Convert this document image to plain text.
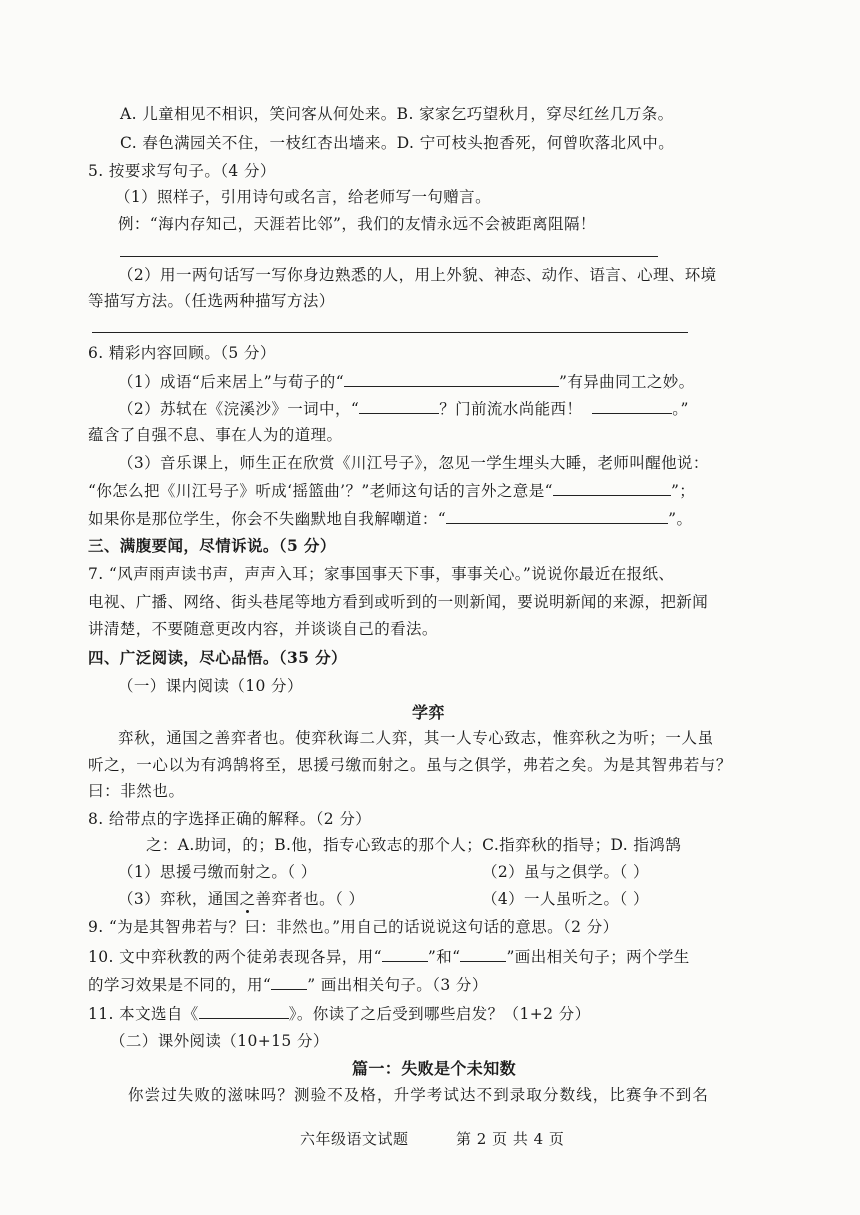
A. 儿童相见不相识，笑问客从何处来。B. 家家乞巧望秋月，穿尽红丝几万条。
C. 春色满园关不住，一枝红杏出墙来。D. 宁可枝头抱香死，何曾吹落北风中。
5. 按要求写句子。（4 分）
（1）照样子，引用诗句或名言，给老师写一句赠言。
例：“海内存知己，天涯若比邻”，我们的友情永远不会被距离阻隔！
（2）用一两句话写一写你身边熟悉的人，用上外貌、神态、动作、语言、心理、环境
等描写方法。（任选两种描写方法）
6. 精彩内容回顾。（5 分）
（1）成语“后来居上”与荀子的“	”有异曲同工之妙。
（2）苏轼在《浣溪沙》一词中，“	？门前流水尚能西！	。”
蕴含了自强不息、事在人为的道理。
（3）音乐课上，师生正在欣赏《川江号子》，忽见一学生埋头大睡，老师叫醒他说：
“你怎么把《川江号子》听成‘摇篮曲’？”老师这句话的言外之意是“	”；
如果你是那位学生，你会不失幽默地自我解嘲道：“	”。
三、满腹要闻，尽情诉说。（5 分）
7. “风声雨声读书声，声声入耳；家事国事天下事，事事关心。”说说你最近在报纸、
电视、广播、网络、街头巷尾等地方看到或听到的一则新闻，要说明新闻的来源，把新闻
讲清楚，不要随意更改内容，并谈谈自己的看法。
四、广泛阅读，尽心品悟。（35 分）
（一）课内阅读（10 分）
学弈
弈秋，通国之善弈者也。使弈秋诲二人弈，其一人专心致志，惟弈秋之为听；一人虽
听之，一心以为有鸿鹄将至，思援弓缴而射之。虽与之俱学，弗若之矣。为是其智弗若与？
曰：非然也。
8. 给带点的字选择正确的解释。（2 分）
之：A.助词，的；B.他，指专心致志的那个人；C.指弈秋的指导；D. 指鸿鹄
（1）思援弓缴而射之。（ ）	（2）虽与之俱学。（ ）
（3）弈秋，通国之善弈者也。（ ）	（4）一人虽听之。（ ）
9. “为是其智弗若与？曰：非然也。”用自己的话说说这句话的意思。（2 分）
10. 文中弈秋教的两个徒弟表现各异，用“	”和“	”画出相关句子；两个学生
的学习效果是不同的，用“ ” 画出相关句子。（3 分）
11. 本文选自《	》。你读了之后受到哪些启发？（1+2 分）
（二）课外阅读（10+15 分）
篇一：失败是个未知数
你尝过失败的滋味吗？测验不及格，升学考试达不到录取分数线，比赛争不到名
六年级语文试题	第 2 页 共 4 页
